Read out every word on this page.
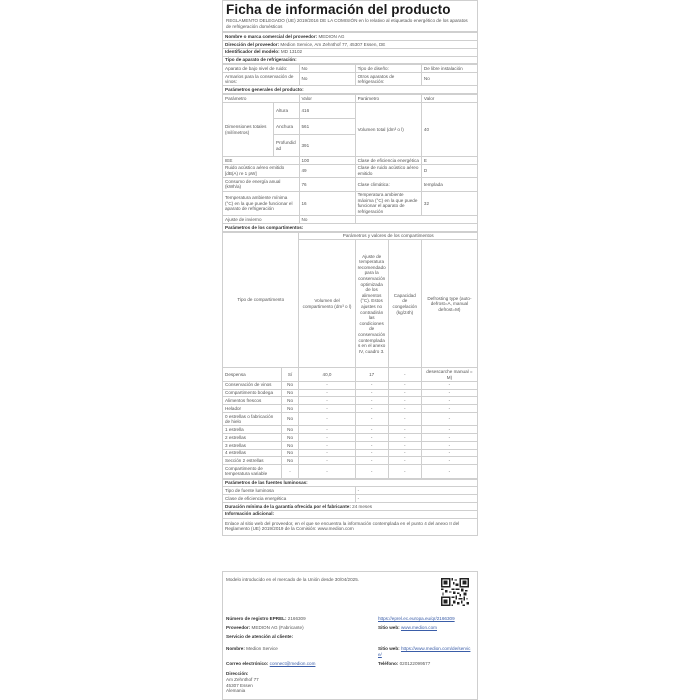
Ficha de información del producto
REGLAMENTO DELEGADO (UE) 2019/2016 DE LA COMISIÓN en lo relativo al etiquetado energético de los aparatos de refrigeración domésticos
Nombre o marca comercial del proveedor: MEDION AG
Dirección del proveedor: Medion Service, Am Zehnthof 77, 45307 Essen, DE
Identificador del modelo: MD 13102
Tipo de aparato de refrigeración:
Aparato de bajo nivel de ruido:	No	Tipo de diseño:	De libre instalación
Armarios para la conservación de vinos:	No	Otros aparatos de refrigeración:	No
Parámetros generales del producto:			
Parámetro		Valor	Parámetro	Valor
Dimensiones totales (milímetros)	Altura	416	Volumen total (dm³ o l)	40
	Anchura	561		
	Profundidad	391		
IEE		100	Clase de eficiencia energética	E
Ruido acústico aéreo emitido [dB(A) re 1 pW]		49	Clase de ruido acústico aéreo emitido	D
Consumo de energía anual (kWh/a)		76	Clase climática:	templada
Temperatura ambiente mínima (°C) en la que puede funcionar el aparato de refrigeración		16	Temperatura ambiente máxima (°C) en la que puede funcionar el aparato de refrigeración	32
Ajuste de invierno		No		
Parámetros de los compartimentos:				
Tipo de compartimento		Parámetros y valores de los compartimentos			
		Volumen del compartimento (dm³ o l)	Ajuste de temperatura recomendado para la conservación optimizada de los alimentos (°C). Estos ajustes no contradirán las condiciones de conservación contempladas en el anexo IV, cuadro 3.	Capacidad de congelación (kg/24h)	Defrosting type (auto-defrost=A, manual defrost=M)
Despensa	Sí	40,0	17	-	desescarche manual = M)
Conservación de vinos	No	-	-	-	-
Compartimento bodega	No	-	-	-	-
Alimentos frescos	No	-	-	-	-
Helador	No	-	-	-	-
0 estrellas o fabricación de hielo	No	-	-	-	-
1 estrella	No	-	-	-	-
2 estrellas	No	-	-	-	-
3 estrellas	No	-	-	-	-
4 estrellas	No	-	-	-	-
Sección 2 estrellas	No	-	-	-	-
Compartimento de temperatura variable	-	-	-	-	-
Parámetros de las fuentes luminosas:	
Tipo de fuente luminosa	-
Clase de eficiencia energética	-
Duración mínima de la garantía ofrecida por el fabricante: 24 meses	
Información adicional:	
Enlace al sitio web del proveedor, en el que se encuentra la información contemplada en el punto 4 del anexo II del Reglamento (UE) 2019/2019 de la Comisión: www.medion.com	
Modelo introducido en el mercado de la Unión desde 30/04/2025.
Número de registro EPREL: 2166309	https://eprel.ec.europa.eu/qr/2166309
Proveedor: MEDION AG (Fabricante)	Sitio web: www.medion.com
Servicio de atención al cliente:
Nombre: Medion Service	Sitio web: https://www.medion.com/de/service/
Correo electrónico: connect@medion.com	Teléfono: 020122099577
Dirección:
Am Zehnthof 77
45307 Essen
Alemania
